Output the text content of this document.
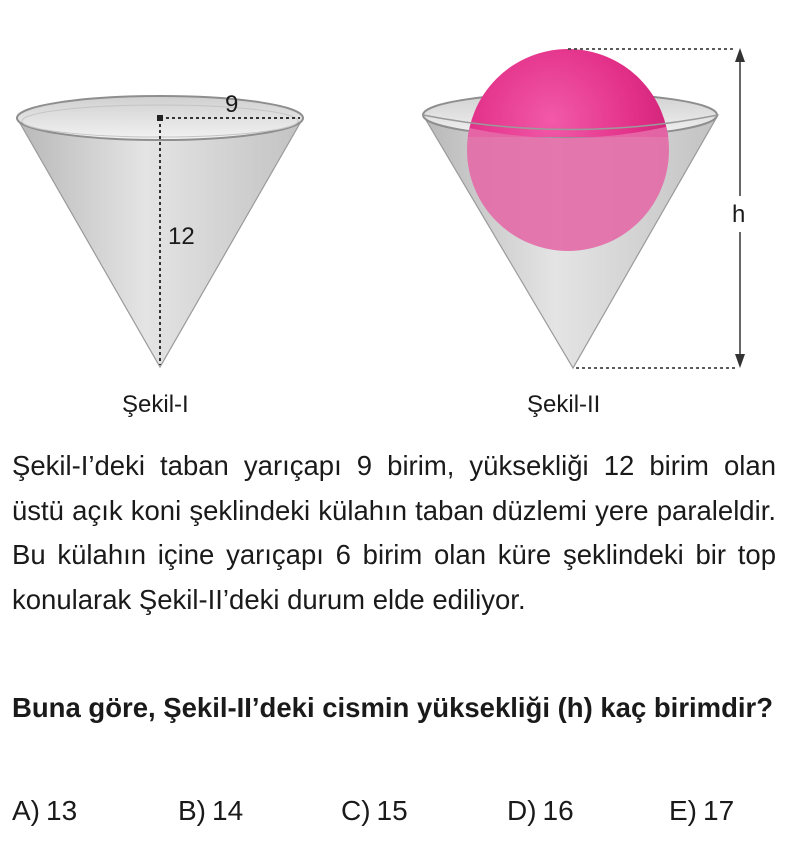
9
12
Şekil-I
h
Şekil-II

Şekil-I’deki taban yarıçapı 9 birim, yüksekliği 12 birim olan üstü açık koni şeklindeki külahın taban düzlemi yere paraleldir. Bu külahın içine yarıçapı 6 birim olan küre şeklindeki bir top konularak Şekil-II’deki durum elde ediliyor.

Buna göre, Şekil-II’deki cismin yüksekliği (h) kaç birimdir?

A) 13	B) 14	C) 15	D) 16	E) 17
